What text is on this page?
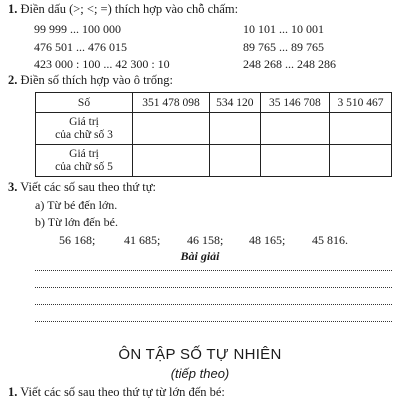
1. Điền dấu (>; <; =) thích hợp vào chỗ chấm:
99 999 ... 100 000	10 101 ... 10 001
476 501 ... 476 015	89 765 ... 89 765
423 000 : 100 ... 42 300 : 10	248 268 ... 248 286
2. Điền số thích hợp vào ô trống:
Số	351 478 098	534 120	35 146 708	3 510 467

Giá trị
của chữ số 3				

Giá trị
của chữ số 5				

3. Viết các số sau theo thứ tự:
a) Từ bé đến lớn.
b) Từ lớn đến bé.
56 168; 41 685; 46 158; 48 165; 45 816.
Bài giải
ÔN TẬP SỐ TỰ NHIÊN
(tiếp theo)
1. Viết các số sau theo thứ tự từ lớn đến bé:
